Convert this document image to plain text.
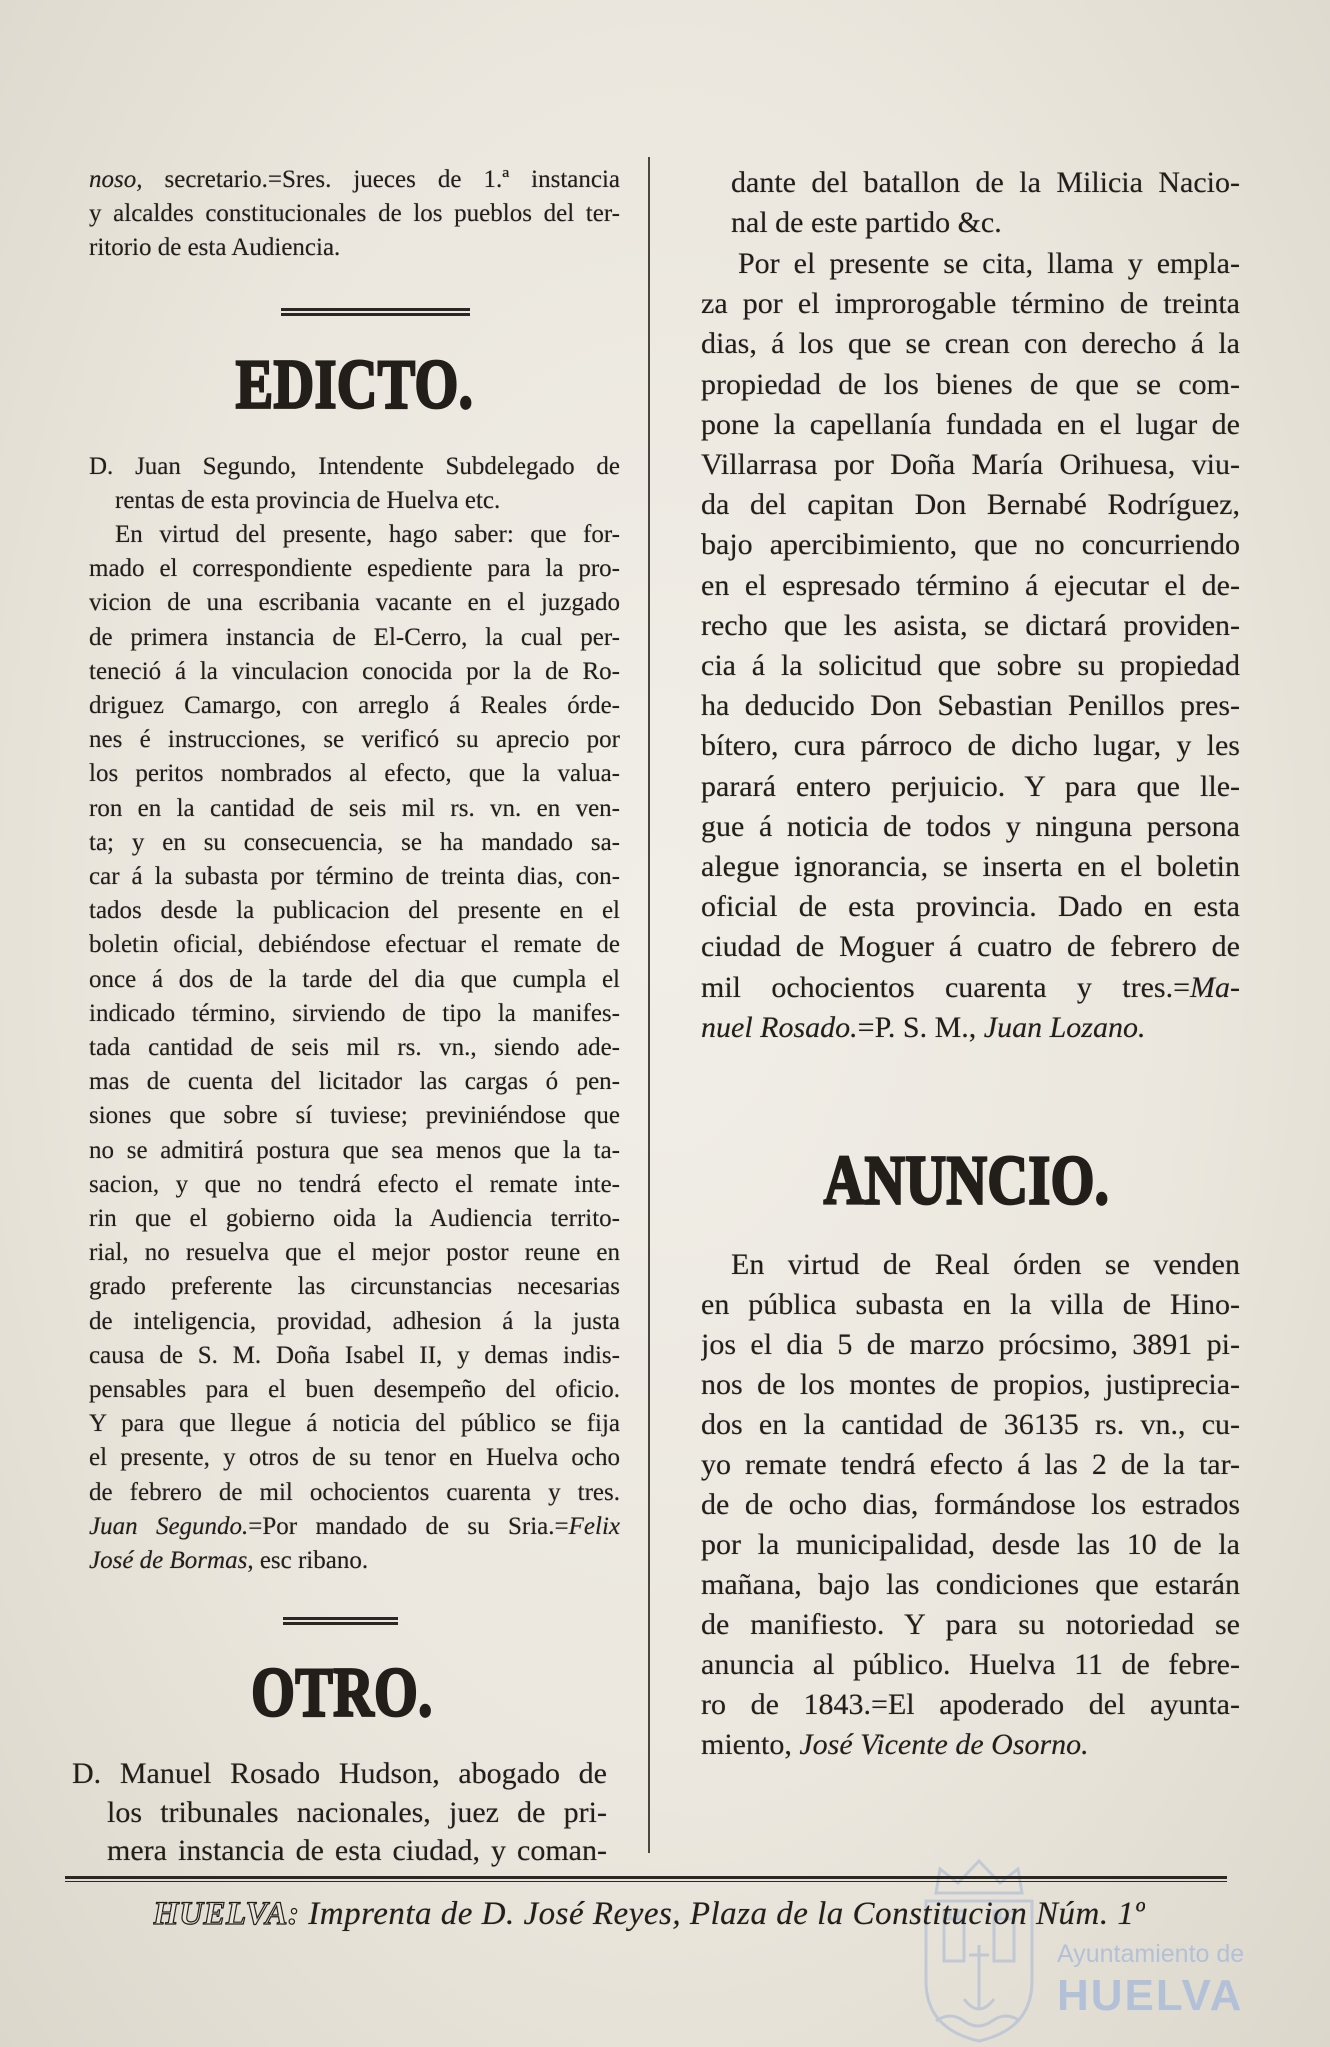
Ayuntamiento de
HUELVA
noso, secretario.=Sres. jueces de 1.ª instancia
y alcaldes constitucionales de los pueblos del ter-
ritorio de esta Audiencia.
EDICTO.
D. Juan Segundo, Intendente Subdelegado de
rentas de esta provincia de Huelva etc.
En virtud del presente, hago saber: que for-
mado el correspondiente espediente para la pro-
vicion de una escribania vacante en el juzgado
de primera instancia de El-Cerro, la cual per-
teneció á la vinculacion conocida por la de Ro-
driguez Camargo, con arreglo á Reales órde-
nes é instrucciones, se verificó su aprecio por
los peritos nombrados al efecto, que la valua-
ron en la cantidad de seis mil rs. vn. en ven-
ta; y en su consecuencia, se ha mandado sa-
car á la subasta por término de treinta dias, con-
tados desde la publicacion del presente en el
boletin oficial, debiéndose efectuar el remate de
once á dos de la tarde del dia que cumpla el
indicado término, sirviendo de tipo la manifes-
tada cantidad de seis mil rs. vn., siendo ade-
mas de cuenta del licitador las cargas ó pen-
siones que sobre sí tuviese; previniéndose que
no se admitirá postura que sea menos que la ta-
sacion, y que no tendrá efecto el remate inte-
rin que el gobierno oida la Audiencia territo-
rial, no resuelva que el mejor postor reune en
grado preferente las circunstancias necesarias
de inteligencia, providad, adhesion á la justa
causa de S. M. Doña Isabel II, y demas indis-
pensables para el buen desempeño del oficio.
Y para que llegue á noticia del público se fija
el presente, y otros de su tenor en Huelva ocho
de febrero de mil ochocientos cuarenta y tres.
Juan Segundo.=Por mandado de su Sria.=Felix
José de Bormas, esc ribano.
OTRO.
D. Manuel Rosado Hudson, abogado de
los tribunales nacionales, juez de pri-
mera instancia de esta ciudad, y coman-
dante del batallon de la Milicia Nacio-
nal de este partido &c.
Por el presente se cita, llama y empla-
za por el improrogable término de treinta
dias, á los que se crean con derecho á la
propiedad de los bienes de que se com-
pone la capellanía fundada en el lugar de
Villarrasa por Doña María Orihuesa, viu-
da del capitan Don Bernabé Rodríguez,
bajo apercibimiento, que no concurriendo
en el espresado término á ejecutar el de-
recho que les asista, se dictará providen-
cia á la solicitud que sobre su propiedad
ha deducido Don Sebastian Penillos pres-
bítero, cura párroco de dicho lugar, y les
parará entero perjuicio. Y para que lle-
gue á noticia de todos y ninguna persona
alegue ignorancia, se inserta en el boletin
oficial de esta provincia. Dado en esta
ciudad de Moguer á cuatro de febrero de
mil ochocientos cuarenta y tres.=Ma-
nuel Rosado.=P. S. M., Juan Lozano.
ANUNCIO.
En virtud de Real órden se venden
en pública subasta en la villa de Hino-
jos el dia 5 de marzo prócsimo, 3891 pi-
nos de los montes de propios, justiprecia-
dos en la cantidad de 36135 rs. vn., cu-
yo remate tendrá efecto á las 2 de la tar-
de de ocho dias, formándose los estrados
por la municipalidad, desde las 10 de la
mañana, bajo las condiciones que estarán
de manifiesto. Y para su notoriedad se
anuncia al público. Huelva 11 de febre-
ro de 1843.=El apoderado del ayunta-
miento, José Vicente de Osorno.
HUELVA: Imprenta de D. José Reyes, Plaza de la Constitucion Núm. 1º
